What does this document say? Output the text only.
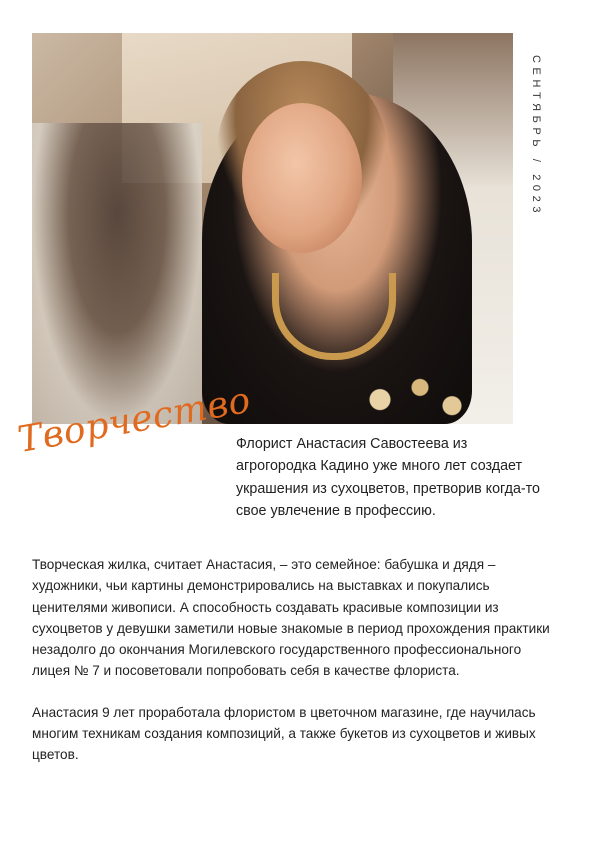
СЕНТЯБРЬ / 2023
Творчество
Флорист Анастасия Савостеева из агрогородка Кадино уже много лет создает украшения из сухоцветов, претворив когда-то свое увлечение в профессию.

Творческая жилка, считает Анастасия, – это семейное: бабушка и дядя – художники, чьи картины демонстрировались на выставках и покупались ценителями живописи. А способность создавать красивые композиции из сухоцветов у девушки заметили новые знакомые в период прохождения практики незадолго до окончания Могилевского государственного профессионального лицея № 7 и посоветовали попробовать себя в качестве флориста.

Анастасия 9 лет проработала флористом в цветочном магазине, где научилась многим техникам создания композиций, а также букетов из сухоцветов и живых цветов.
